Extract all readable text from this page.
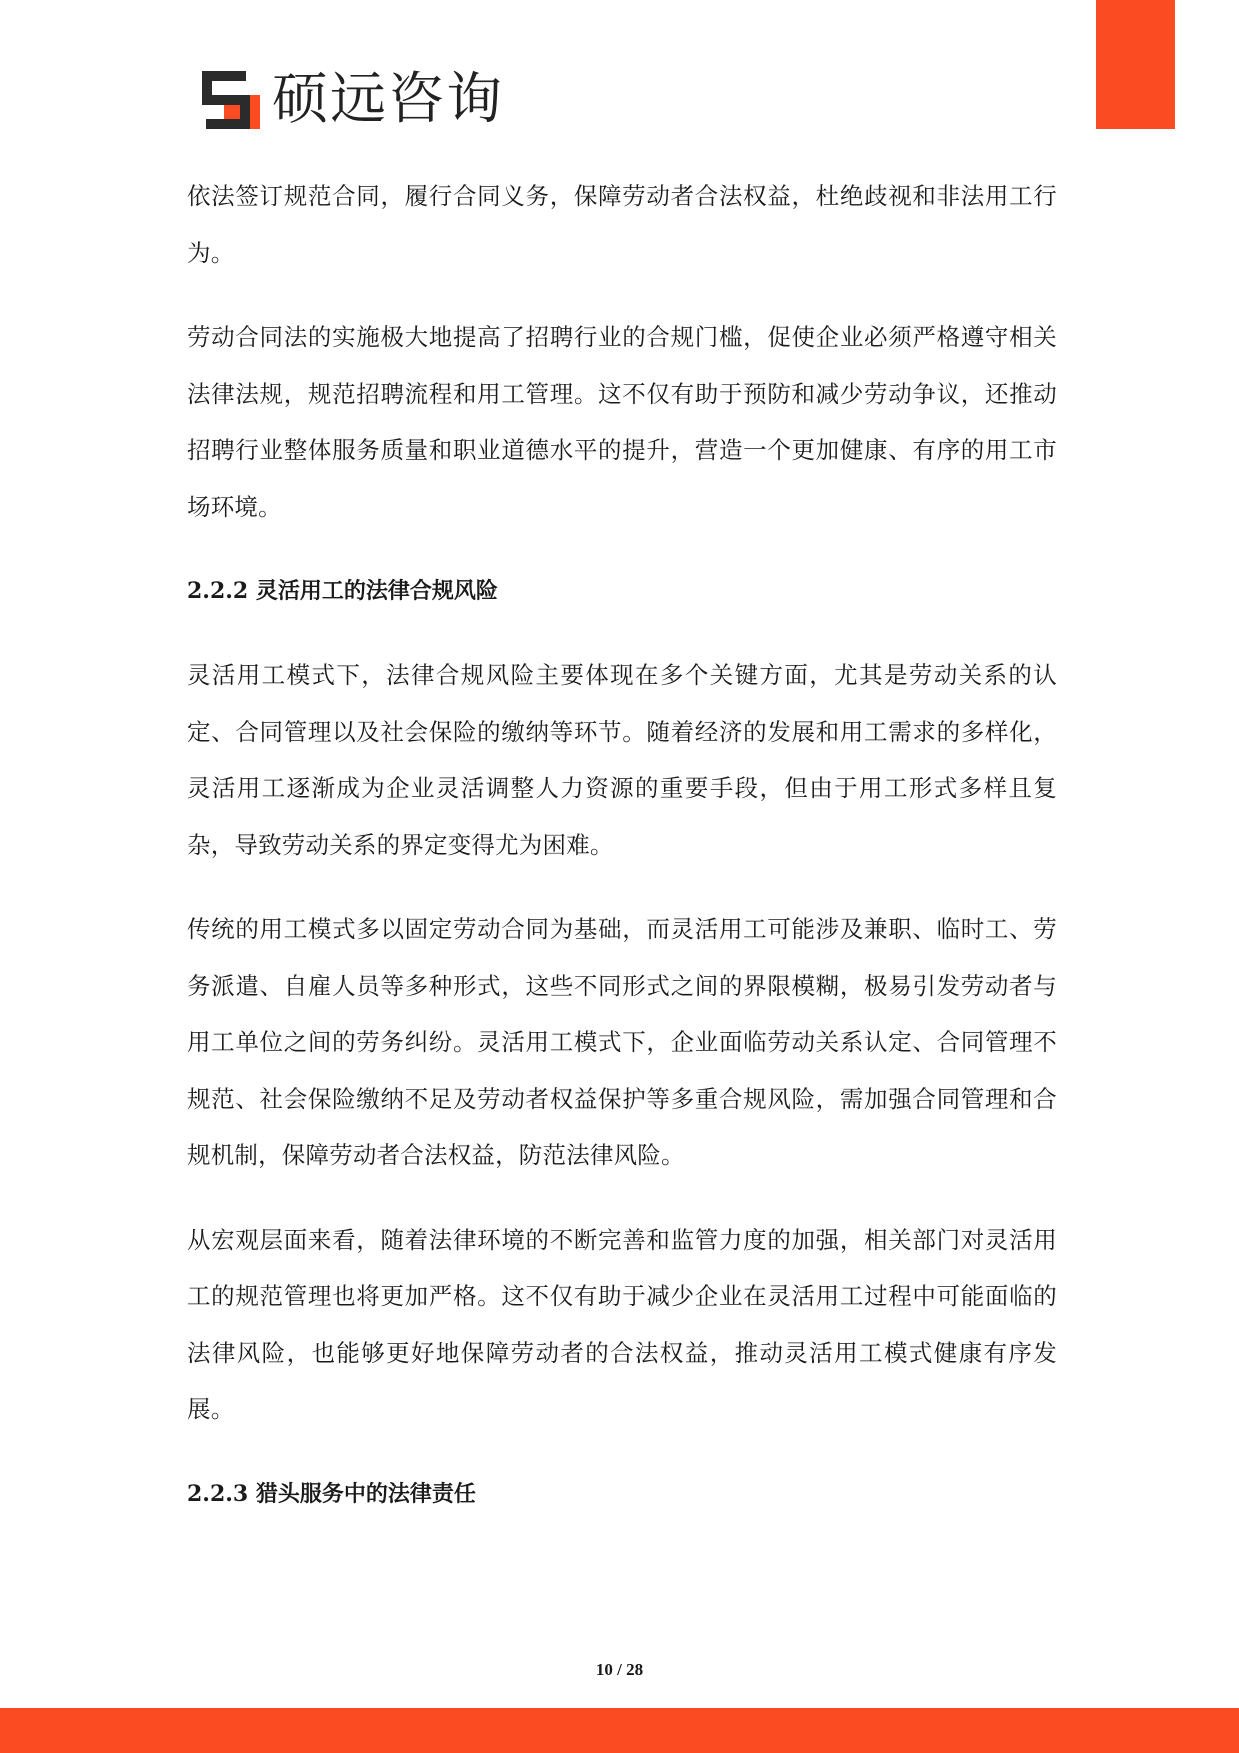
硕远咨询

依法签订规范合同，履行合同义务，保障劳动者合法权益，杜绝歧视和非法用工行为。

劳动合同法的实施极大地提高了招聘行业的合规门槛，促使企业必须严格遵守相关法律法规，规范招聘流程和用工管理。这不仅有助于预防和减少劳动争议，还推动招聘行业整体服务质量和职业道德水平的提升，营造一个更加健康、有序的用工市场环境。

2.2.2 灵活用工的法律合规风险

灵活用工模式下，法律合规风险主要体现在多个关键方面，尤其是劳动关系的认定、合同管理以及社会保险的缴纳等环节。随着经济的发展和用工需求的多样化，灵活用工逐渐成为企业灵活调整人力资源的重要手段，但由于用工形式多样且复杂，导致劳动关系的界定变得尤为困难。

传统的用工模式多以固定劳动合同为基础，而灵活用工可能涉及兼职、临时工、劳务派遣、自雇人员等多种形式，这些不同形式之间的界限模糊，极易引发劳动者与用工单位之间的劳务纠纷。灵活用工模式下，企业面临劳动关系认定、合同管理不规范、社会保险缴纳不足及劳动者权益保护等多重合规风险，需加强合同管理和合规机制，保障劳动者合法权益，防范法律风险。

从宏观层面来看，随着法律环境的不断完善和监管力度的加强，相关部门对灵活用工的规范管理也将更加严格。这不仅有助于减少企业在灵活用工过程中可能面临的法律风险，也能够更好地保障劳动者的合法权益，推动灵活用工模式健康有序发展。

2.2.3 猎头服务中的法律责任
10 / 28
